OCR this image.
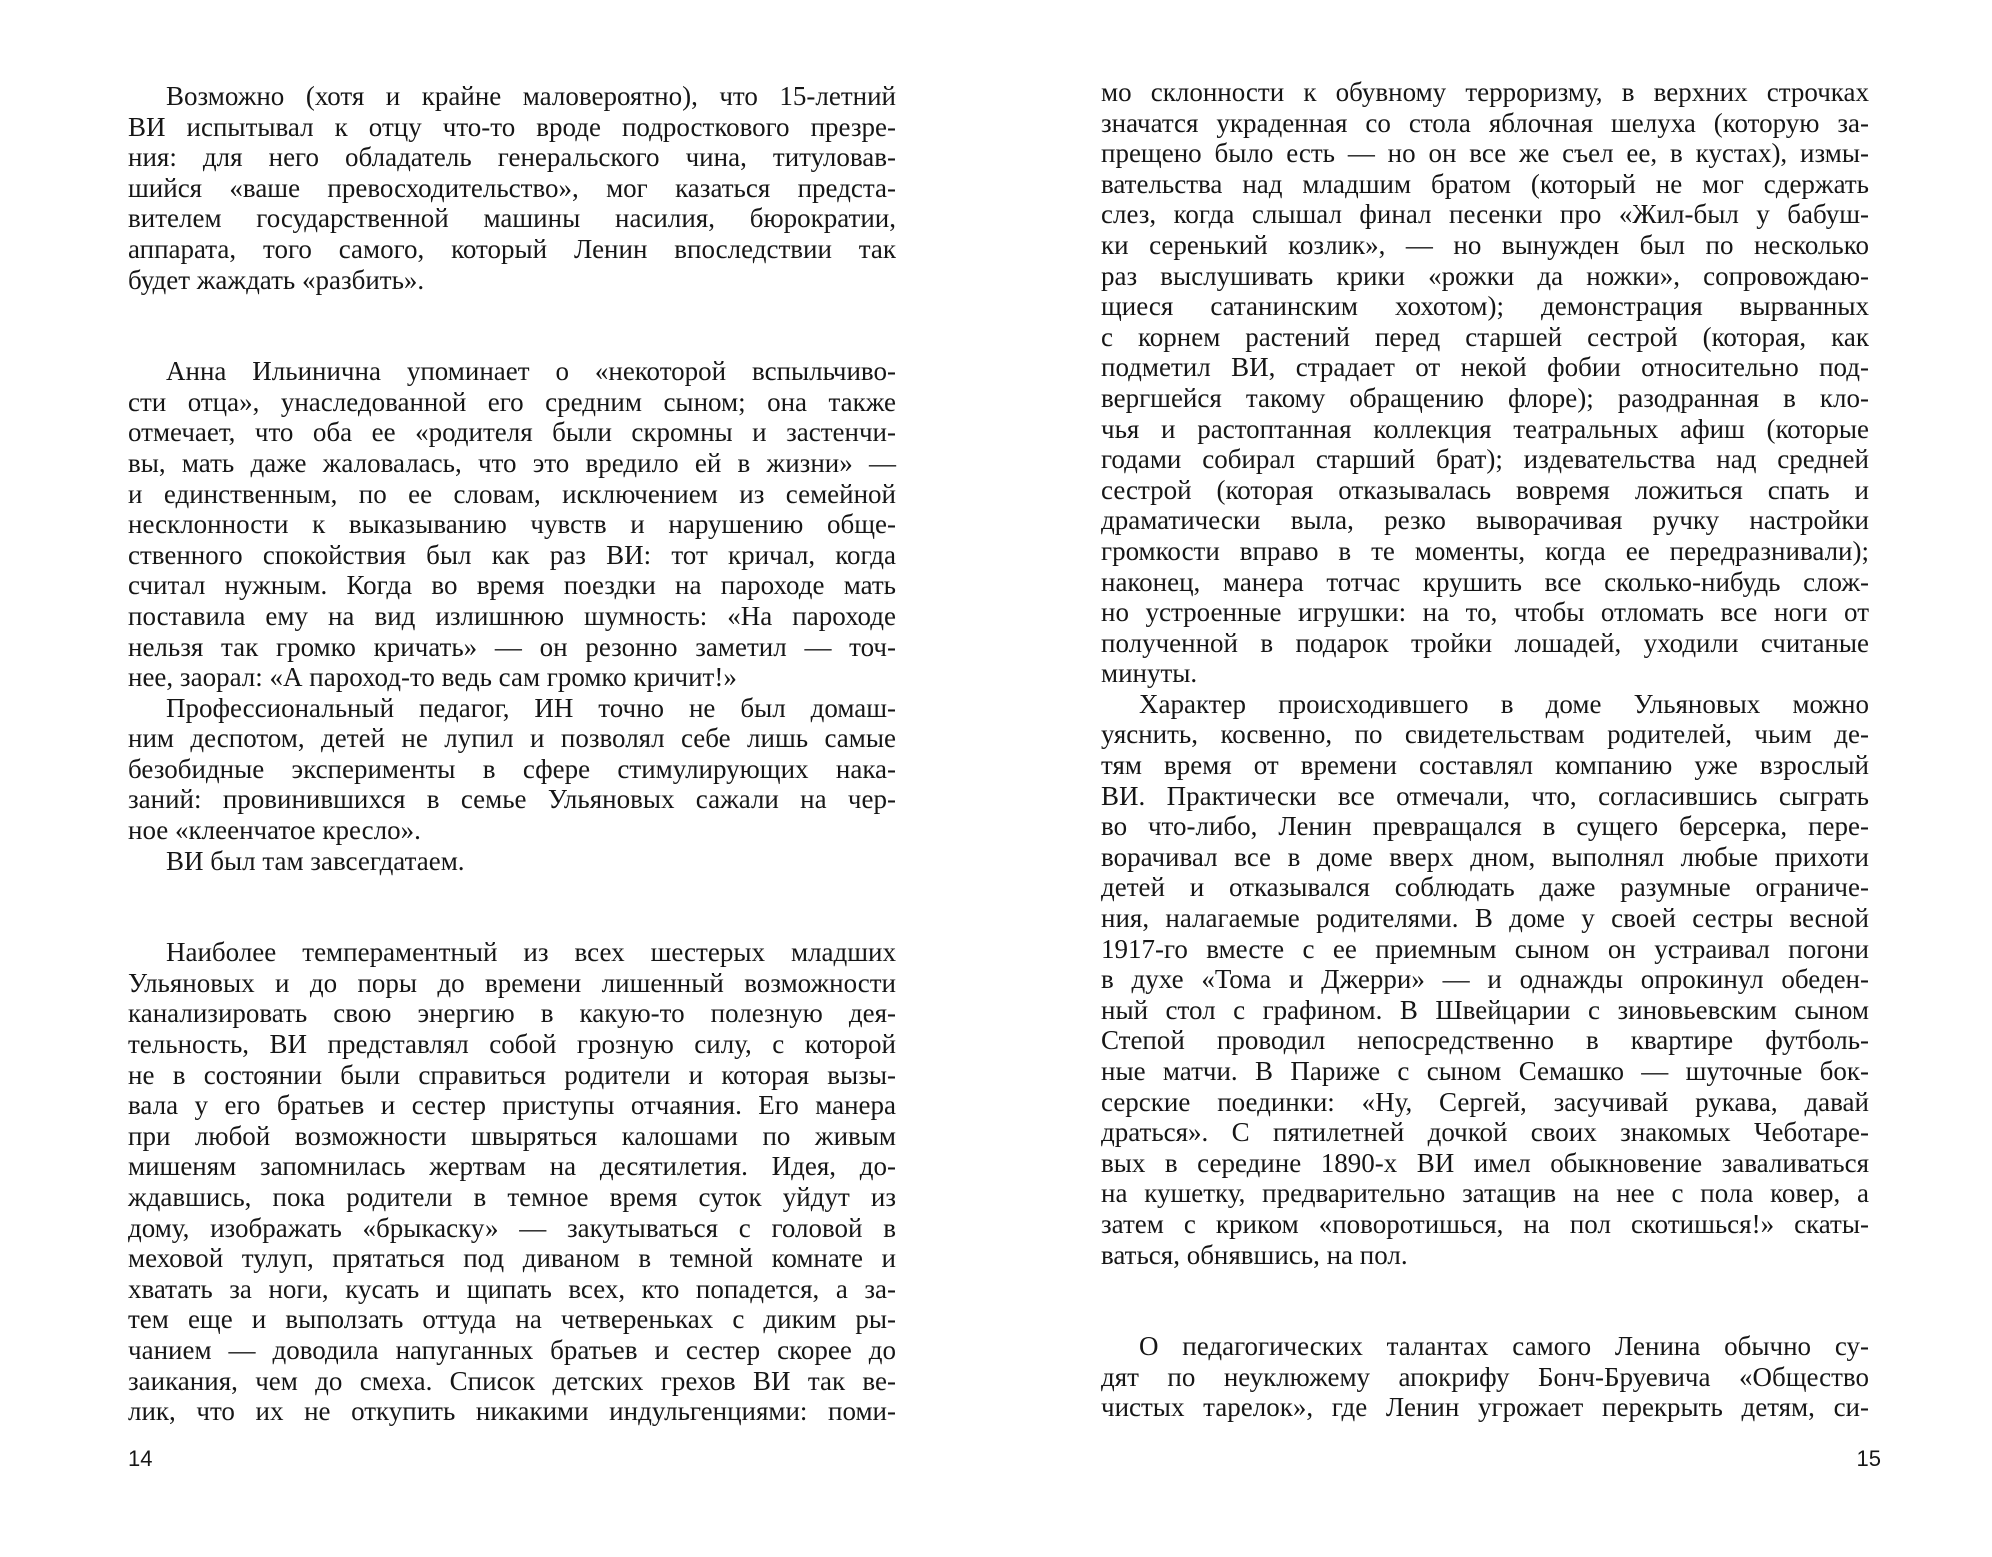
Возможно (хотя и крайне маловероятно), что 15-летний
ВИ испытывал к отцу что-то вроде подросткового презре-
ния: для него обладатель генеральского чина, титуловав-
шийся «ваше превосходительство», мог казаться предста-
вителем государственной машины насилия, бюрократии,
аппарата, того самого, который Ленин впоследствии так
будет жаждать «разбить».
Анна Ильинична упоминает о «некоторой вспыльчиво-
сти отца», унаследованной его средним сыном; она также
отмечает, что оба ее «родителя были скромны и застенчи-
вы, мать даже жаловалась, что это вредило ей в жизни» —
и единственным, по ее словам, исключением из семейной
несклонности к выказыванию чувств и нарушению обще-
ственного спокойствия был как раз ВИ: тот кричал, когда
считал нужным. Когда во время поездки на пароходе мать
поставила ему на вид излишнюю шумность: «На пароходе
нельзя так громко кричать» — он резонно заметил — точ-
нее, заорал: «А пароход-то ведь сам громко кричит!»
Профессиональный педагог, ИН точно не был домаш-
ним деспотом, детей не лупил и позволял себе лишь самые
безобидные эксперименты в сфере стимулирующих нака-
заний: провинившихся в семье Ульяновых сажали на чер-
ное «клеенчатое кресло».
ВИ был там завсегдатаем.
Наиболее темпераментный из всех шестерых младших
Ульяновых и до поры до времени лишенный возможности
канализировать свою энергию в какую-то полезную дея-
тельность, ВИ представлял собой грозную силу, с которой
не в состоянии были справиться родители и которая вызы-
вала у его братьев и сестер приступы отчаяния. Его манера
при любой возможности швыряться калошами по живым
мишеням запомнилась жертвам на десятилетия. Идея, до-
ждавшись, пока родители в темное время суток уйдут из
дому, изображать «брыкаску» — закутываться с головой в
меховой тулуп, прятаться под диваном в темной комнате и
хватать за ноги, кусать и щипать всех, кто попадется, а за-
тем еще и выползать оттуда на четвереньках с диким ры-
чанием — доводила напуганных братьев и сестер скорее до
заикания, чем до смеха. Список детских грехов ВИ так ве-
лик, что их не откупить никакими индульгенциями: поми-
14
мо склонности к обувному терроризму, в верхних строчках
значатся украденная со стола яблочная шелуха (которую за-
прещено было есть — но он все же съел ее, в кустах), измы-
вательства над младшим братом (который не мог сдержать
слез, когда слышал финал песенки про «Жил-был у бабуш-
ки серенький козлик», — но вынужден был по несколько
раз выслушивать крики «рожки да ножки», сопровождаю-
щиеся сатанинским хохотом); демонстрация вырванных
с корнем растений перед старшей сестрой (которая, как
подметил ВИ, страдает от некой фобии относительно под-
вергшейся такому обращению флоре); разодранная в кло-
чья и растоптанная коллекция театральных афиш (которые
годами собирал старший брат); издевательства над средней
сестрой (которая отказывалась вовремя ложиться спать и
драматически выла, резко выворачивая ручку настройки
громкости вправо в те моменты, когда ее передразнивали);
наконец, манера тотчас крушить все сколько-нибудь слож-
но устроенные игрушки: на то, чтобы отломать все ноги от
полученной в подарок тройки лошадей, уходили считаные
минуты.
Характер происходившего в доме Ульяновых можно
уяснить, косвенно, по свидетельствам родителей, чьим де-
тям время от времени составлял компанию уже взрослый
ВИ. Практически все отмечали, что, согласившись сыграть
во что-либо, Ленин превращался в сущего берсерка, пере-
ворачивал все в доме вверх дном, выполнял любые прихоти
детей и отказывался соблюдать даже разумные ограниче-
ния, налагаемые родителями. В доме у своей сестры весной
1917-го вместе с ее приемным сыном он устраивал погони
в духе «Тома и Джерри» — и однажды опрокинул обеден-
ный стол с графином. В Швейцарии с зиновьевским сыном
Степой проводил непосредственно в квартире футболь-
ные матчи. В Париже с сыном Семашко — шуточные бок-
серские поединки: «Ну, Сергей, засучивай рукава, давай
драться». С пятилетней дочкой своих знакомых Чеботаре-
вых в середине 1890-х ВИ имел обыкновение заваливаться
на кушетку, предварительно затащив на нее с пола ковер, а
затем с криком «поворотишься, на пол скотишься!» скаты-
ваться, обнявшись, на пол.
О педагогических талантах самого Ленина обычно су-
дят по неуклюжему апокрифу Бонч-Бруевича «Общество
чистых тарелок», где Ленин угрожает перекрыть детям, си-
15
